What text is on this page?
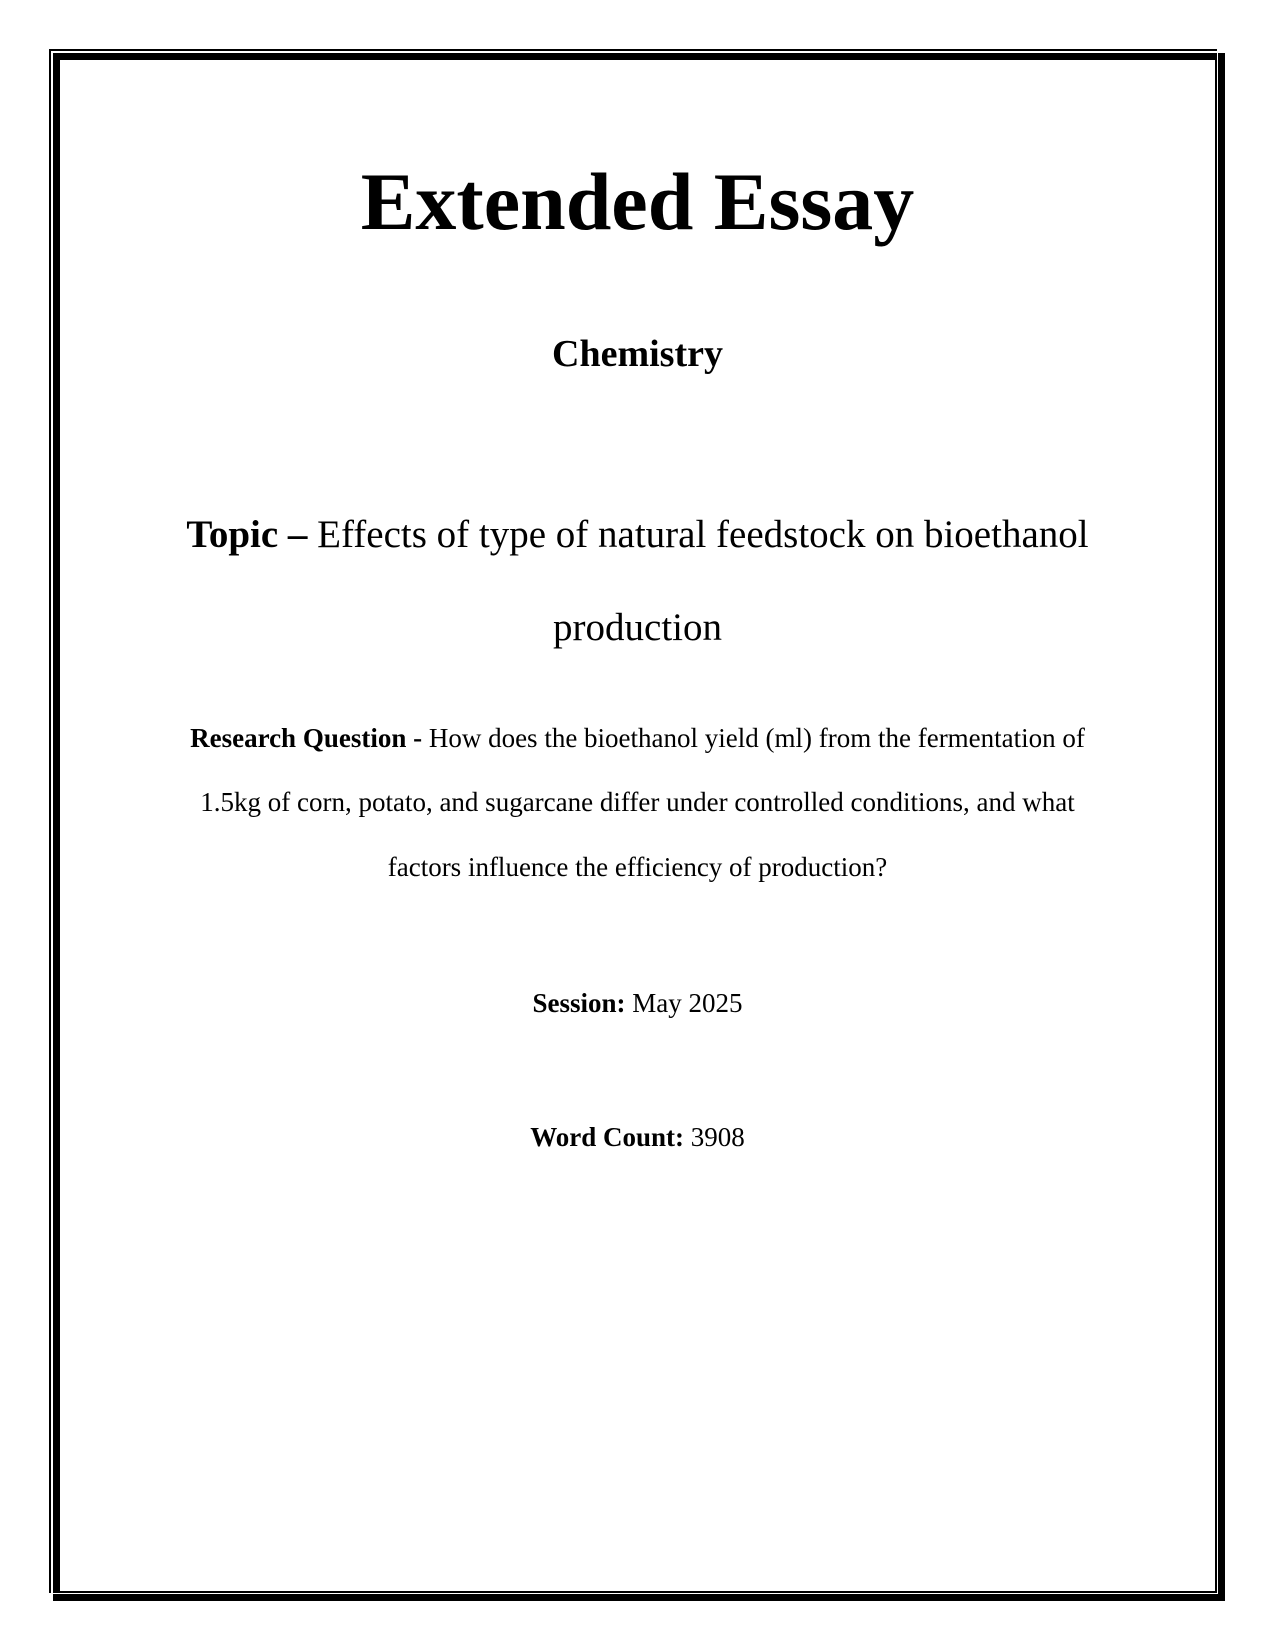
Extended Essay
Chemistry
Topic – Effects of type of natural feedstock on bioethanol
production
Research Question - How does the bioethanol yield (ml) from the fermentation of
1.5kg of corn, potato, and sugarcane differ under controlled conditions, and what
factors influence the efficiency of production?
Session: May 2025
Word Count: 3908
